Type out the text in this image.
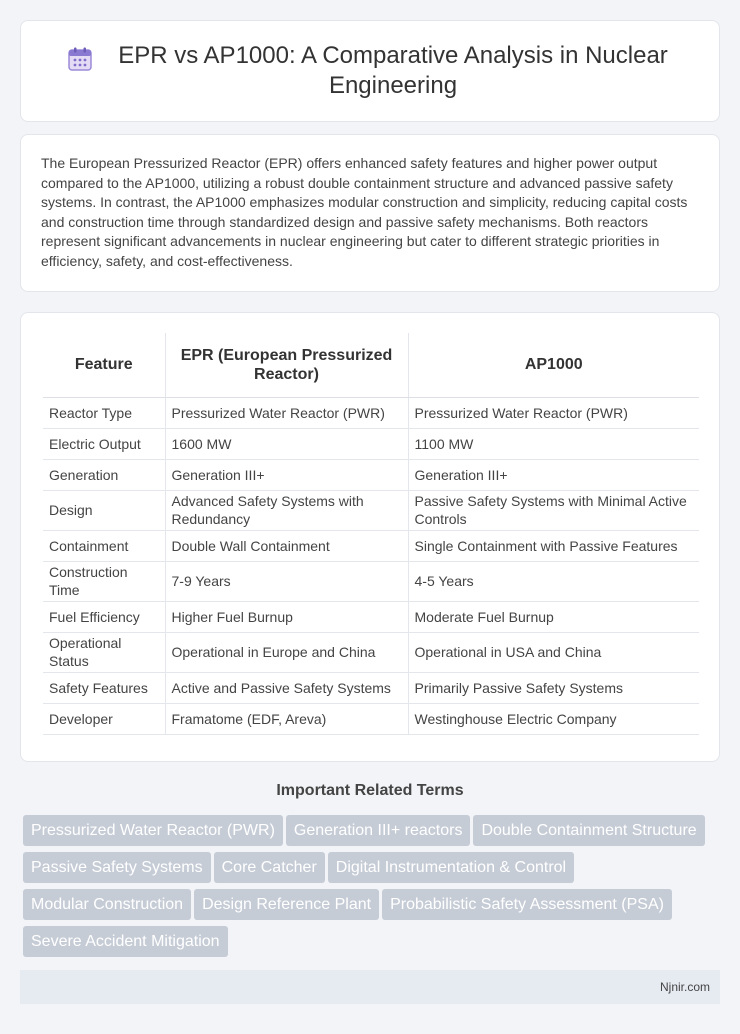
EPR vs AP1000: A Comparative Analysis in Nuclear Engineering

The European Pressurized Reactor (EPR) offers enhanced safety features and higher power output compared to the AP1000, utilizing a robust double containment structure and advanced passive safety systems. In contrast, the AP1000 emphasizes modular construction and simplicity, reducing capital costs and construction time through standardized design and passive safety mechanisms. Both reactors represent significant advancements in nuclear engineering but cater to different strategic priorities in efficiency, safety, and cost-effectiveness.

Feature	EPR (European Pressurized Reactor)	AP1000
Reactor Type	Pressurized Water Reactor (PWR)	Pressurized Water Reactor (PWR)
Electric Output	1600 MW	1100 MW
Generation	Generation III+	Generation III+
Design	Advanced Safety Systems with Redundancy	Passive Safety Systems with Minimal Active Controls
Containment	Double Wall Containment	Single Containment with Passive Features
Construction Time	7-9 Years	4-5 Years
Fuel Efficiency	Higher Fuel Burnup	Moderate Fuel Burnup
Operational Status	Operational in Europe and China	Operational in USA and China
Safety Features	Active and Passive Safety Systems	Primarily Passive Safety Systems
Developer	Framatome (EDF, Areva)	Westinghouse Electric Company
Important Related Terms
Pressurized Water Reactor (PWR) Generation III+ reactors Double Containment StructurePassive Safety Systems Core Catcher Digital Instrumentation & ControlModular Construction Design Reference Plant Probabilistic Safety Assessment (PSA)Severe Accident Mitigation
Njnir.com
